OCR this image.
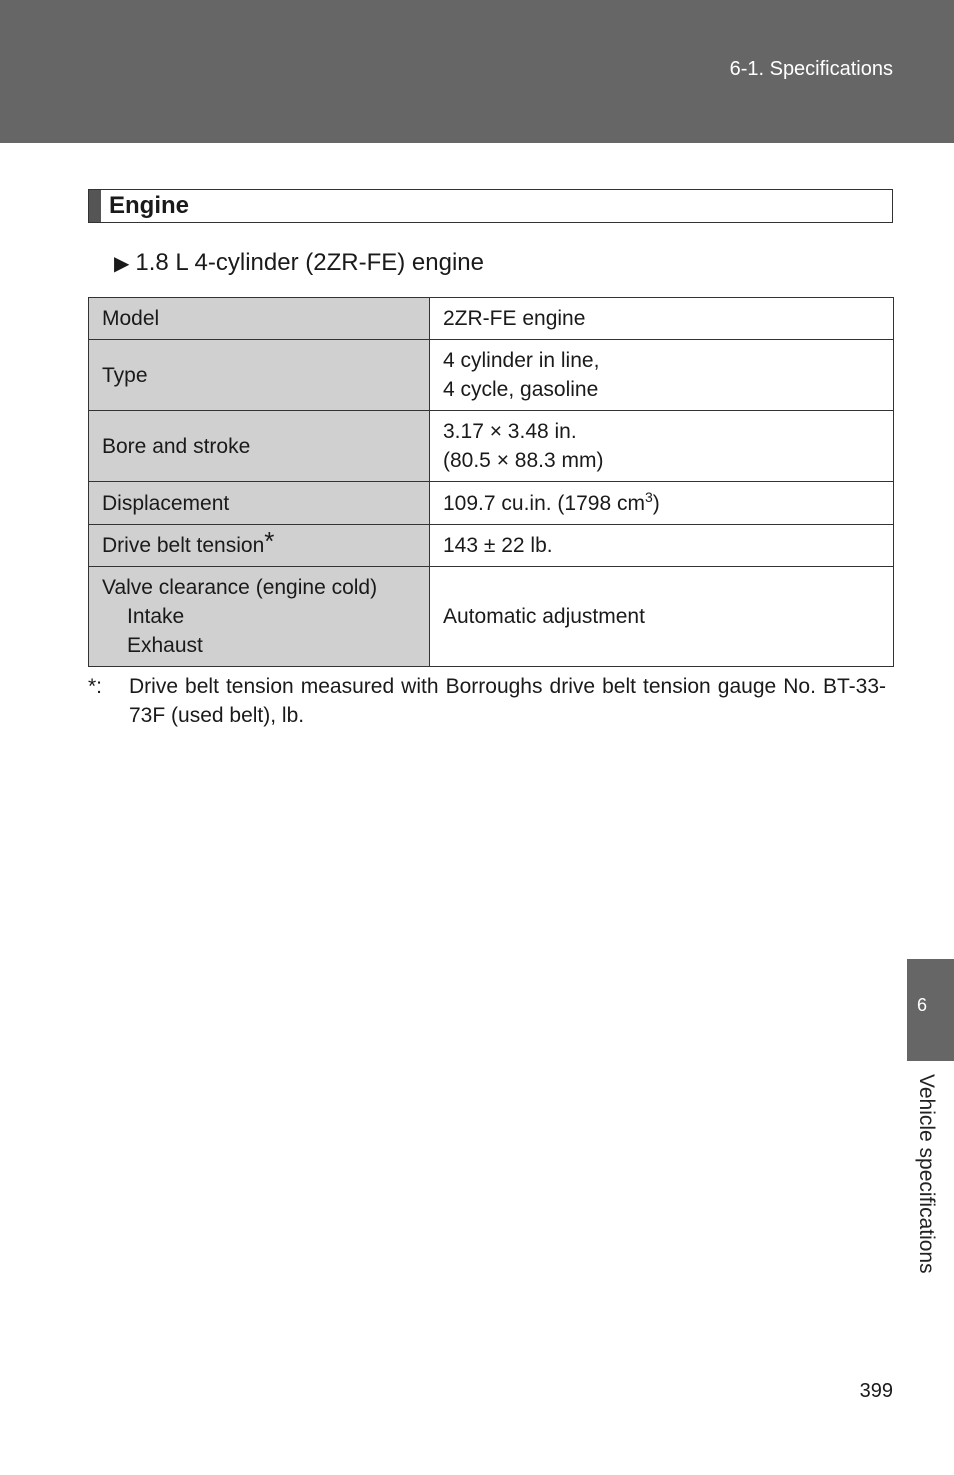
6-1. Specifications
Engine
▶ 1.8 L 4-cylinder (2ZR-FE) engine
Model	2ZR-FE engine
Type	4 cylinder in line,
4 cycle, gasoline
Bore and stroke	3.17 × 3.48 in.
(80.5 × 88.3 mm)
Displacement	109.7 cu.in. (1798 $cm^3$)
Drive belt tension*	143 ± 22 lb.
Valve clearance (engine cold)
Intake
Exhaust	Automatic adjustment
*: Drive belt tension measured with Borroughs drive belt tension gauge No. BT-33-73F (used belt), lb.
6
Vehicle specifications
399
